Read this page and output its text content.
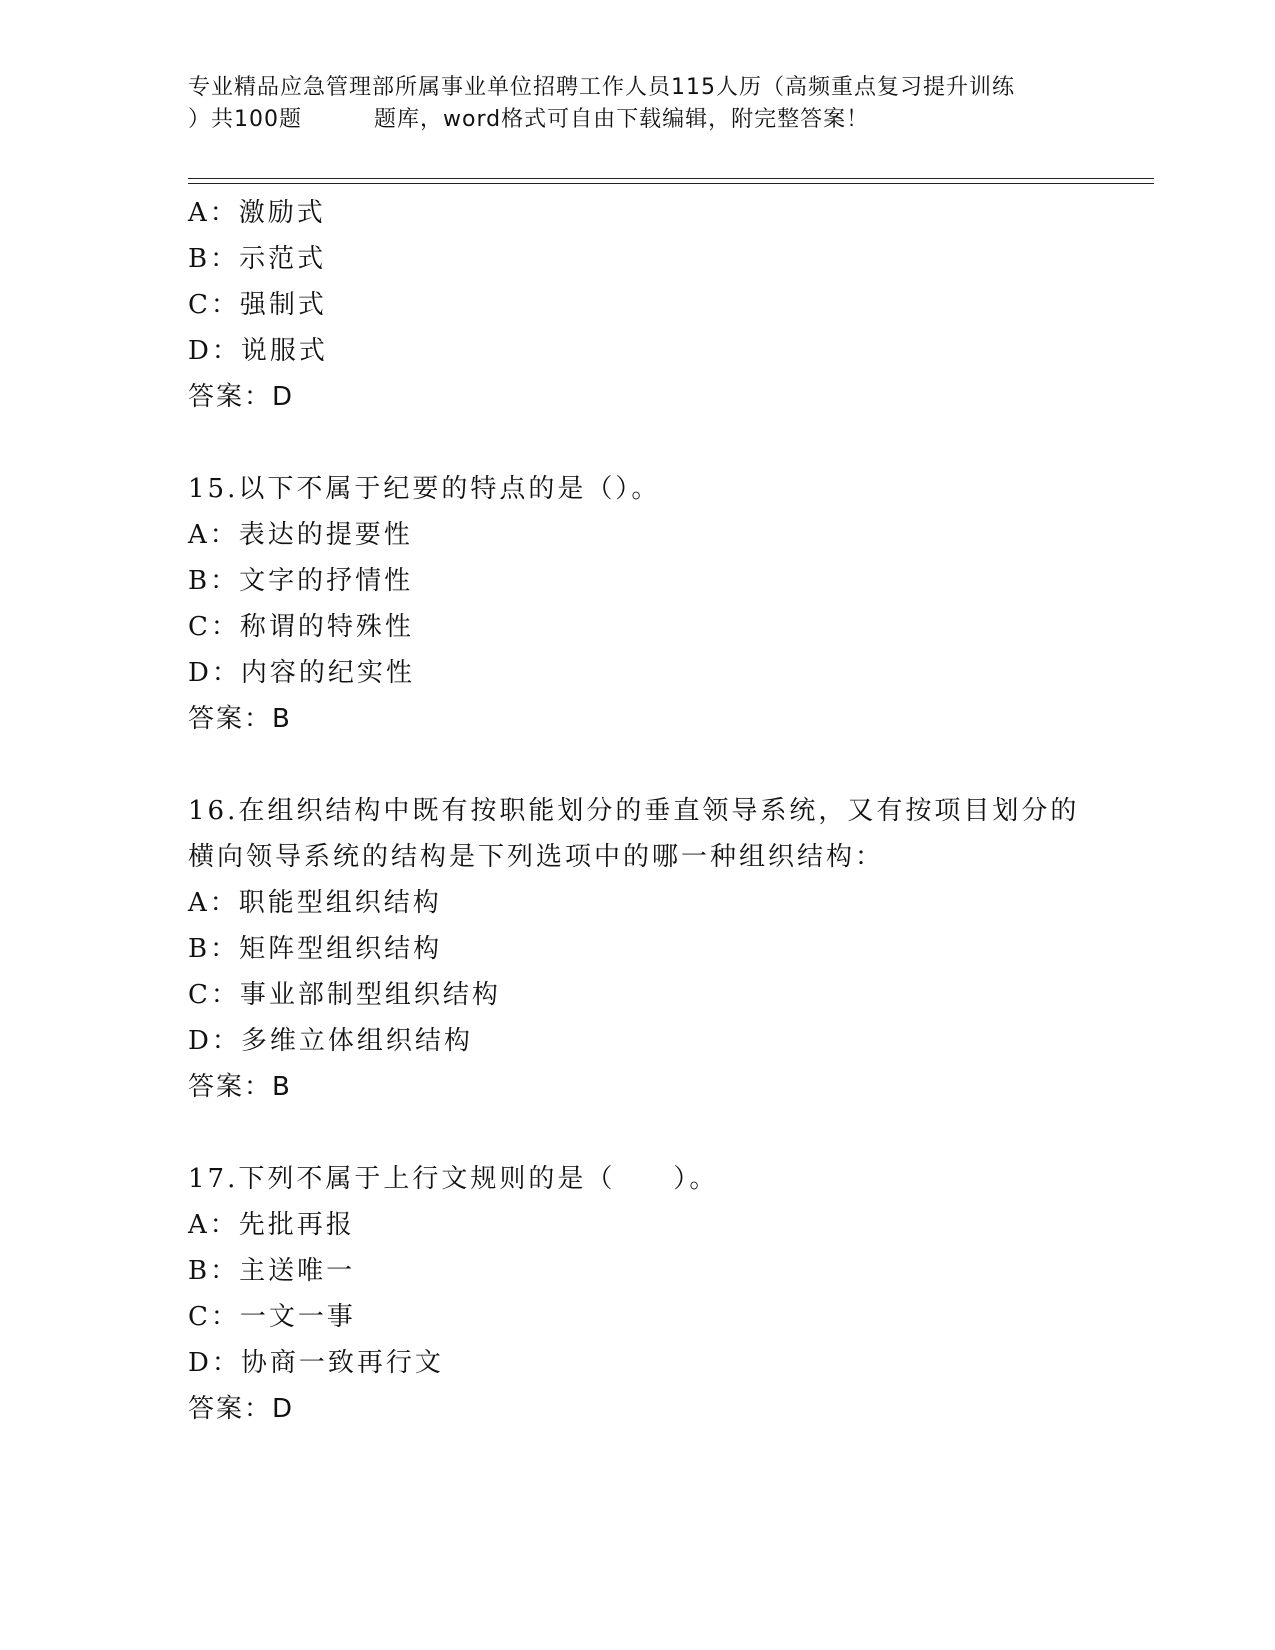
专业精品应急管理部所属事业单位招聘工作人员115人历（高频重点复习提升训练
）共100题	题库，word格式可自由下载编辑，附完整答案！
A：激励式
B：示范式
C：强制式
D：说服式
答案：D
15.以下不属于纪要的特点的是（）。
A：表达的提要性
B：文字的抒情性
C：称谓的特殊性
D：内容的纪实性
答案：B
16.在组织结构中既有按职能划分的垂直领导系统，又有按项目划分的
横向领导系统的结构是下列选项中的哪一种组织结构：
A：职能型组织结构
B：矩阵型组织结构
C：事业部制型组织结构
D：多维立体组织结构
答案：B
17.下列不属于上行文规则的是（　　）。
A：先批再报
B：主送唯一
C：一文一事
D：协商一致再行文
答案：D
